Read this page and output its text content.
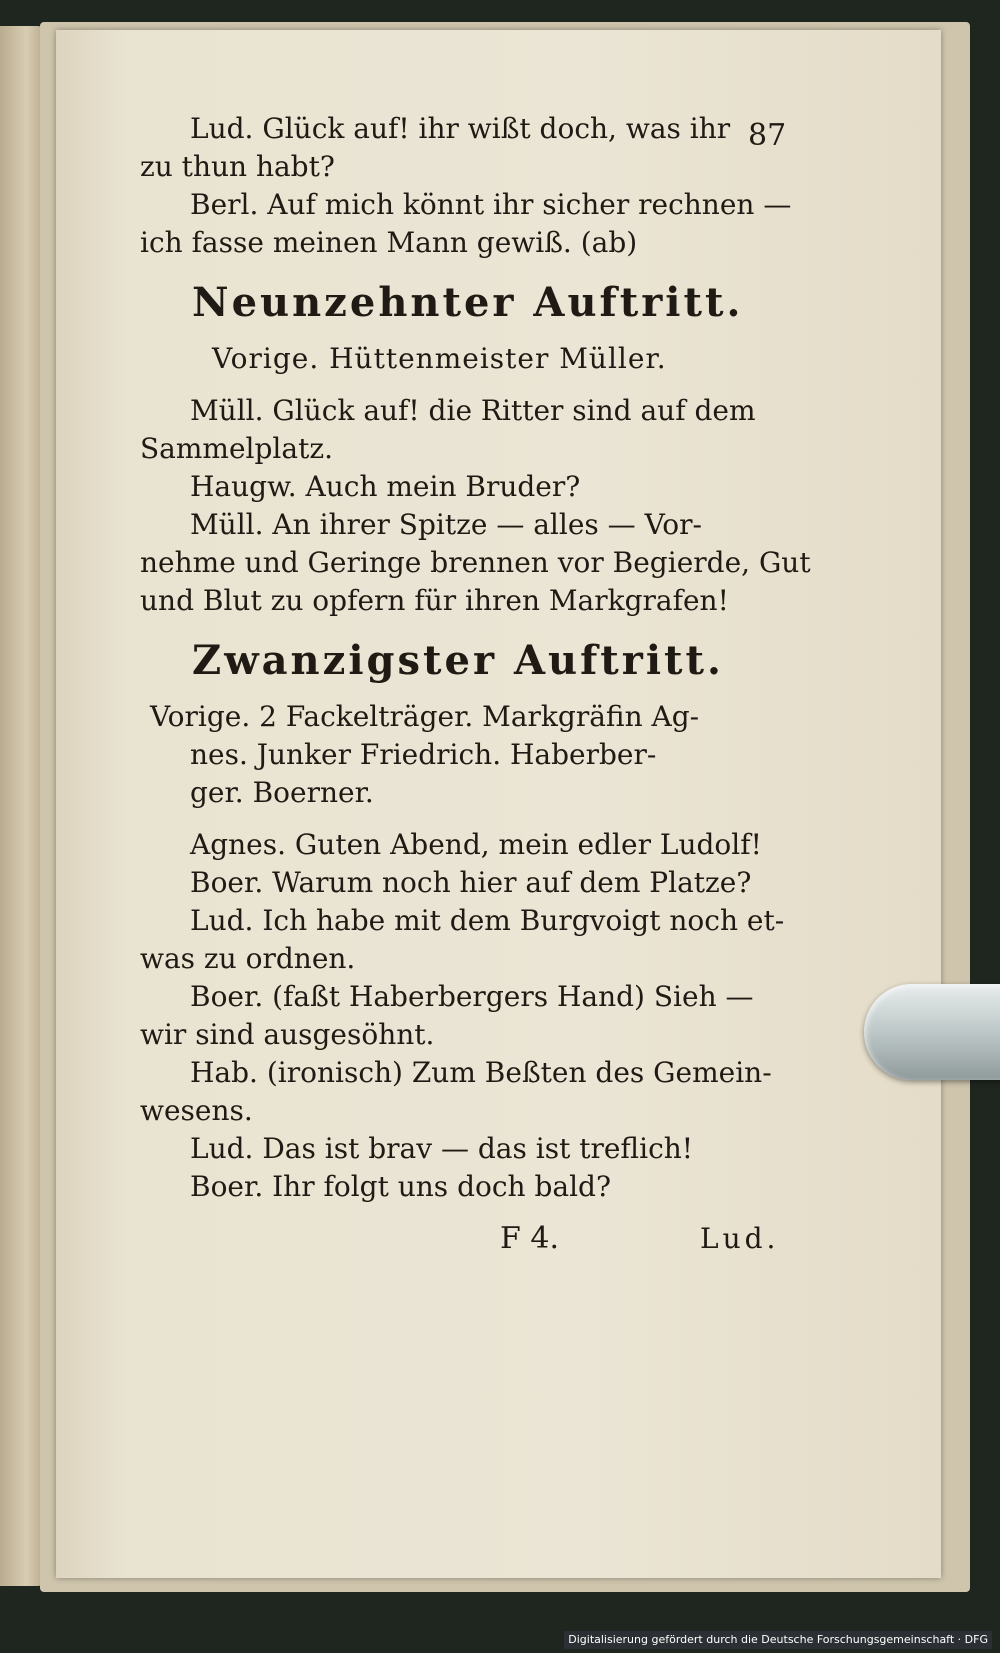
87
Lud. Glück auf! ihr wißt doch, was ihr
zu thun habt?
Berl. Auf mich könnt ihr sicher rechnen —
ich fasse meinen Mann gewiß. (ab)
Neunzehnter Auftritt.
Vorige. Hüttenmeister Müller.
Müll. Glück auf! die Ritter sind auf dem
Sammelplatz.
Haugw. Auch mein Bruder?
Müll. An ihrer Spitze — alles — Vor-
nehme und Geringe brennen vor Begierde, Gut
und Blut zu opfern für ihren Markgrafen!
Zwanzigster Auftritt.
Vorige. 2 Fackelträger. Markgräfin Ag-
nes. Junker Friedrich. Haberber-
ger. Boerner.
Agnes. Guten Abend, mein edler Ludolf!
Boer. Warum noch hier auf dem Platze?
Lud. Ich habe mit dem Burgvoigt noch et-
was zu ordnen.
Boer. (faßt Haberbergers Hand) Sieh —
wir sind ausgesöhnt.
Hab. (ironisch) Zum Beßten des Gemein-
wesens.
Lud. Das ist brav — das ist treflich!
Boer. Ihr folgt uns doch bald?
F 4.	Lud.
Digitalisierung gefördert durch die Deutsche Forschungsgemeinschaft · DFG
